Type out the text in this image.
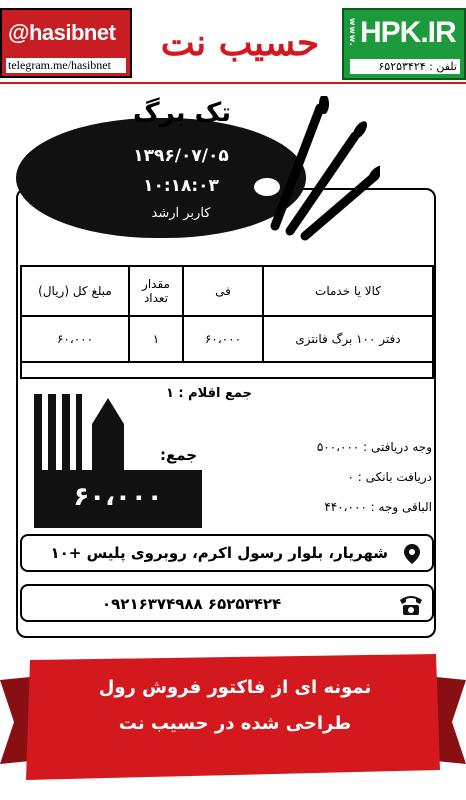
@hasibnet
telegram.me/hasibnet
حسیب نت	www. HPK.IR
تلفن : ۶۵۲۵۳۴۲۴
تک برگ
۱۳۹۶/۰۷/۰۵
۱۰:۱۸:۰۳
کاربر ارشد
مبلغ کل (ریال)	مقدار تعداد	فی	کالا یا خدمات
۶۰،۰۰۰	۱	۶۰،۰۰۰	دفتر ۱۰۰ برگ فانتزی
جمع اقلام : ۱
جمع:
۶۰،۰۰۰
وجه دریافتی : ۵۰۰،۰۰۰
دریافت بانکی : ۰
الباقی وجه : ۴۴۰،۰۰۰
شهریار، بلوار رسول اکرم، روبروی پلیس +۱۰
۰۹۲۱۶۳۷۴۹۸۸ ۶۵۲۵۳۴۲۴
نمونه ای از فاکتور فروش رول
طراحی شده در حسیب نت
